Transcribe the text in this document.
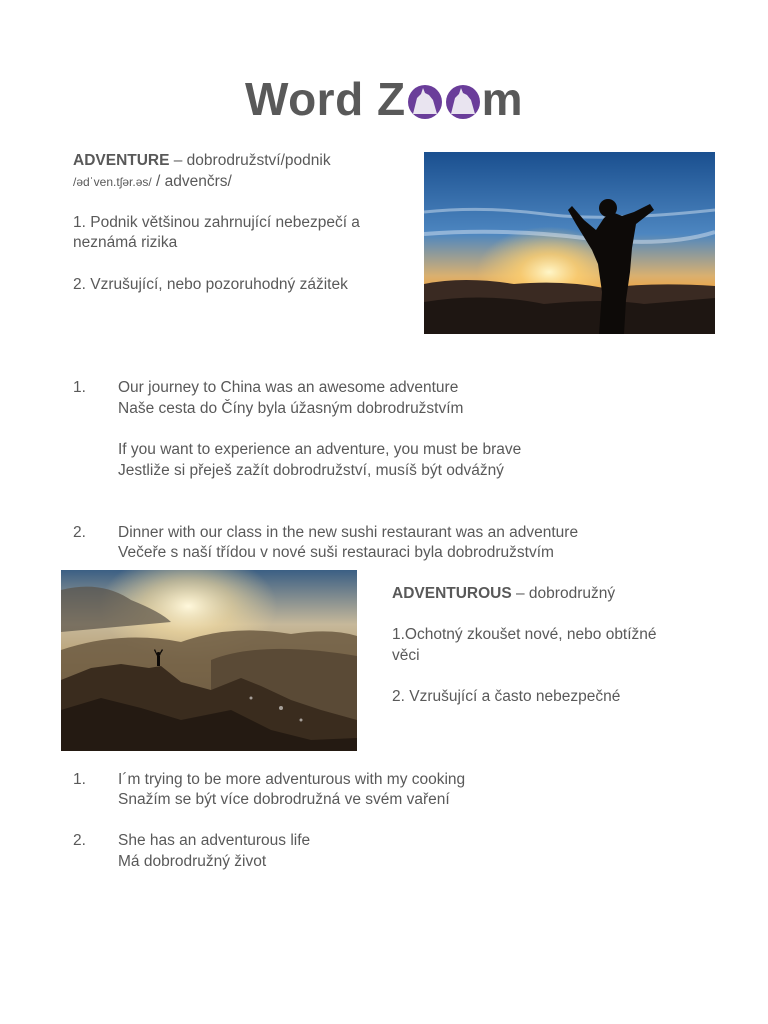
Word Z m
ADVENTURE – dobrodružství/podnik
/ədˈven.tʃər.əs/ / advenčrs/
1. Podnik většinou zahrnující nebezpečí a
neznámá rizika
2. Vzrušující, nebo pozoruhodný zážitek
1. Our journey to China was an awesome adventure
Naše cesta do Číny byla úžasným dobrodružstvím
If you want to experience an adventure, you must be brave
Jestliže si přeješ zažít dobrodružství, musíš být odvážný
2. Dinner with our class in the new sushi restaurant was an adventure
Večeře s naší třídou v nové suši restauraci byla dobrodružstvím
ADVENTUROUS – dobrodružný
1.Ochotný zkoušet nové, nebo obtížné
věci
2. Vzrušující a často nebezpečné
1. I´m trying to be more adventurous with my cooking
Snažím se být více dobrodružná ve svém vaření
2. She has an adventurous life
Má dobrodružný život
